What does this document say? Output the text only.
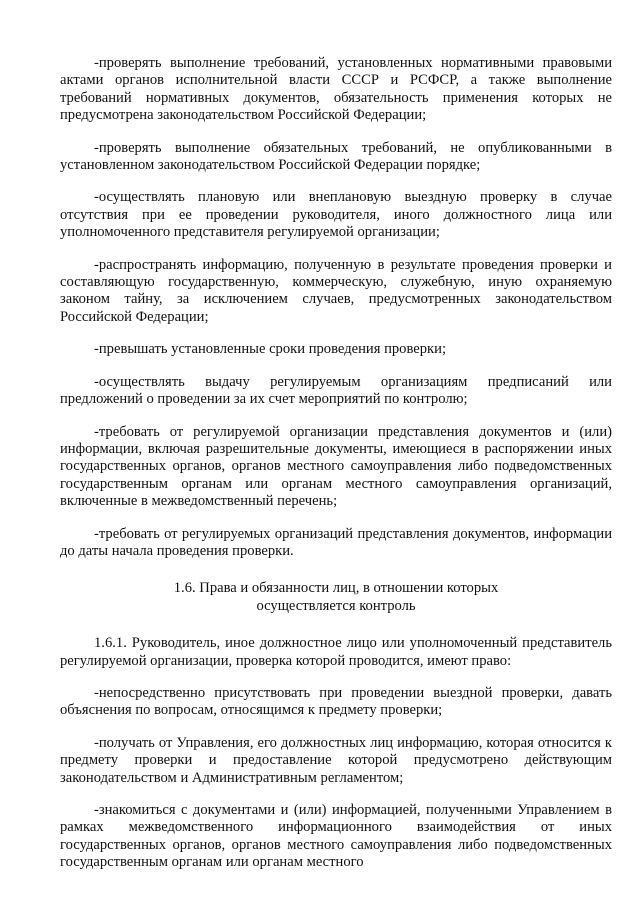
-проверять выполнение требований, установленных нормативными правовыми актами органов исполнительной власти СССР и РСФСР, а также выполнение требований нормативных документов, обязательность применения которых не предусмотрена законодательством Российской Федерации;

-проверять выполнение обязательных требований, не опубликованными в установленном законодательством Российской Федерации порядке;

-осуществлять плановую или внеплановую выездную проверку в случае отсутствия при ее проведении руководителя, иного должностного лица или уполномоченного представителя регулируемой организации;

-распространять информацию, полученную в результате проведения проверки и составляющую государственную, коммерческую, служебную, иную охраняемую законом тайну, за исключением случаев, предусмотренных законодательством Российской Федерации;

-превышать установленные сроки проведения проверки;

-осуществлять выдачу регулируемым организациям предписаний или предложений о проведении за их счет мероприятий по контролю;

-требовать от регулируемой организации представления документов и (или) информации, включая разрешительные документы, имеющиеся в распоряжении иных государственных органов, органов местного самоуправления либо подведомственных государственным органам или органам местного самоуправления организаций, включенные в межведомственный перечень;

-требовать от регулируемых организаций представления документов, информации до даты начала проведения проверки.

1.6. Права и обязанности лиц, в отношении которых
осуществляется контроль

1.6.1. Руководитель, иное должностное лицо или уполномоченный представитель регулируемой организации, проверка которой проводится, имеют право:

-непосредственно присутствовать при проведении выездной проверки, давать объяснения по вопросам, относящимся к предмету проверки;

-получать от Управления, его должностных лиц информацию, которая относится к предмету проверки и предоставление которой предусмотрено действующим законодательством и Административным регламентом;

-знакомиться с документами и (или) информацией, полученными Управлением в рамках межведомственного информационного взаимодействия от иных государственных органов, органов местного самоуправления либо подведомственных государственным органам или органам местного
